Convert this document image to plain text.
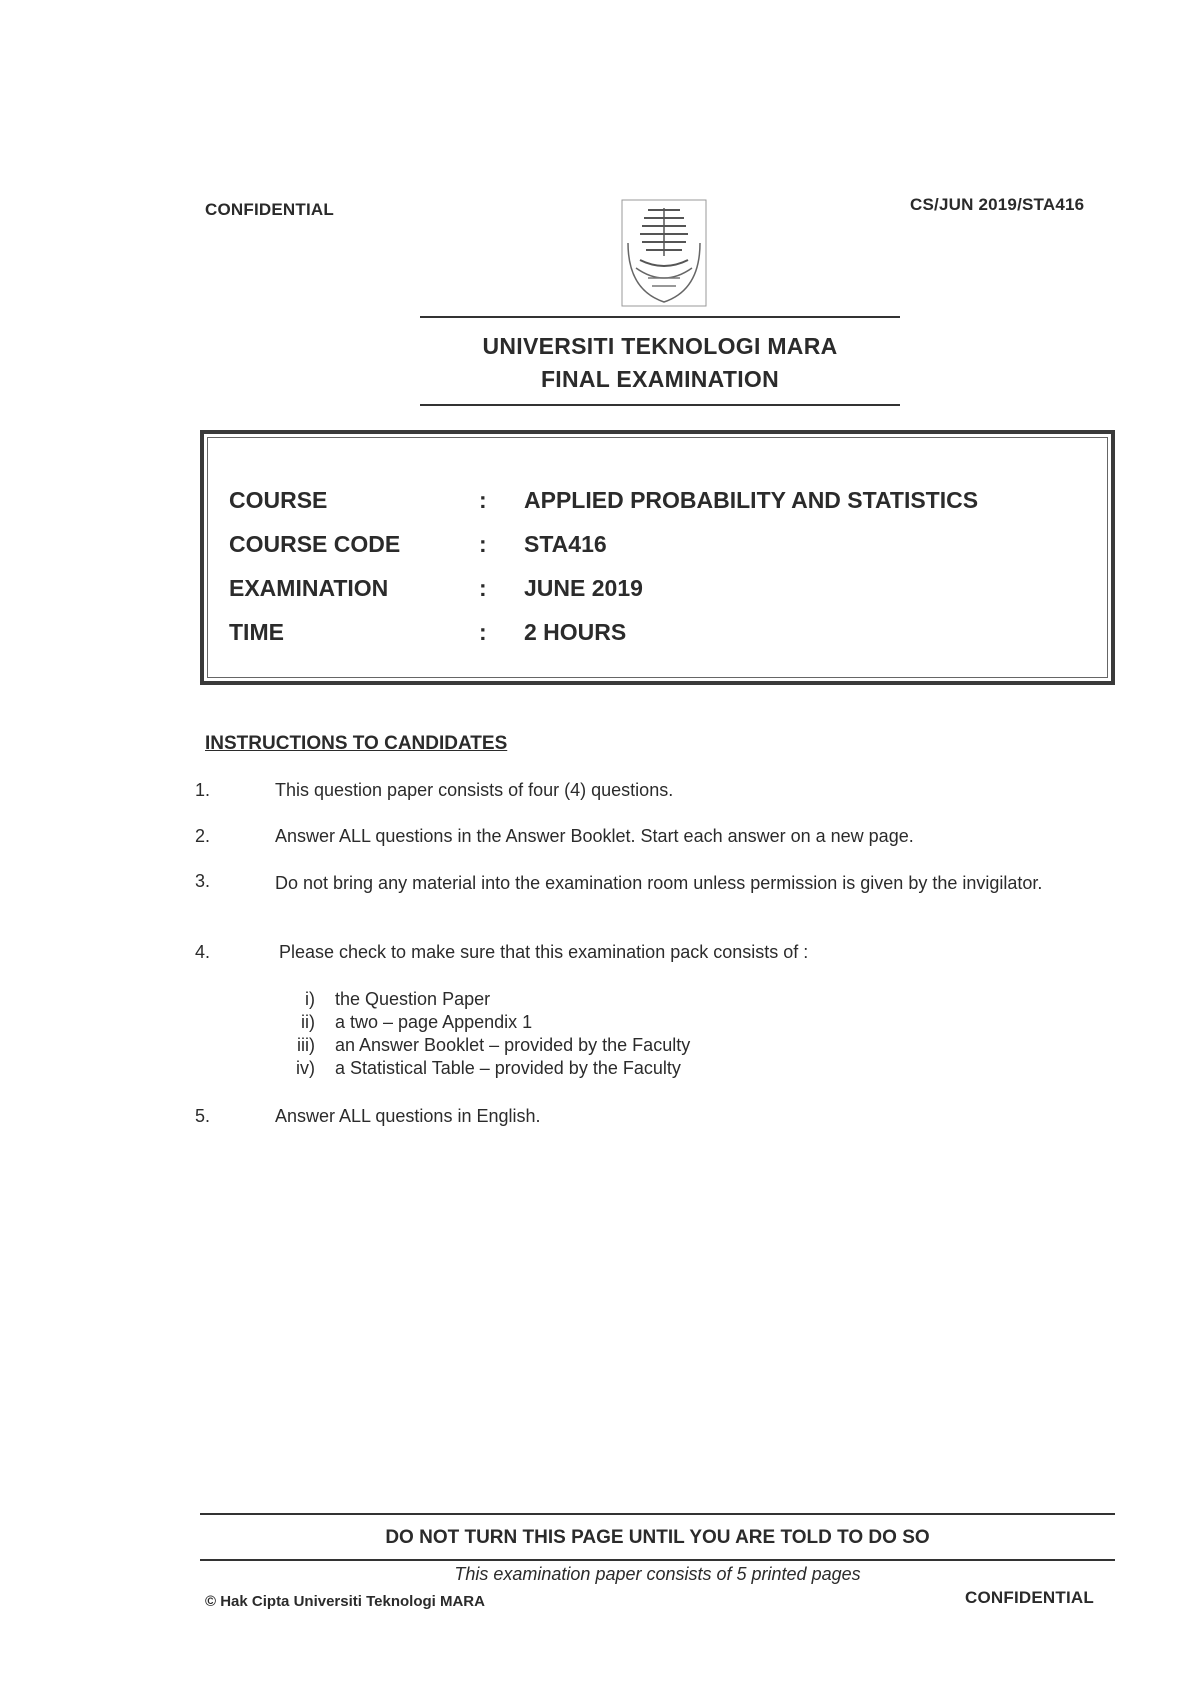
CONFIDENTIAL	CS/JUN 2019/STA416
UNIVERSITI TEKNOLOGI MARA
FINAL EXAMINATION
COURSE	: APPLIED PROBABILITY AND STATISTICS
COURSE CODE	: STA416
EXAMINATION	: JUNE 2019
TIME	: 2 HOURS
INSTRUCTIONS TO CANDIDATES
1.	This question paper consists of four (4) questions.
2.	Answer ALL questions in the Answer Booklet. Start each answer on a new page.
3.	Do not bring any material into the examination room unless permission is given by the invigilator.
4.	Please check to make sure that this examination pack consists of :
i) the Question Paper
ii) a two – page Appendix 1
iii) an Answer Booklet – provided by the Faculty
iv) a Statistical Table – provided by the Faculty
5.	Answer ALL questions in English.
DO NOT TURN THIS PAGE UNTIL YOU ARE TOLD TO DO SO
This examination paper consists of 5 printed pages
© Hak Cipta Universiti Teknologi MARA	CONFIDENTIAL
